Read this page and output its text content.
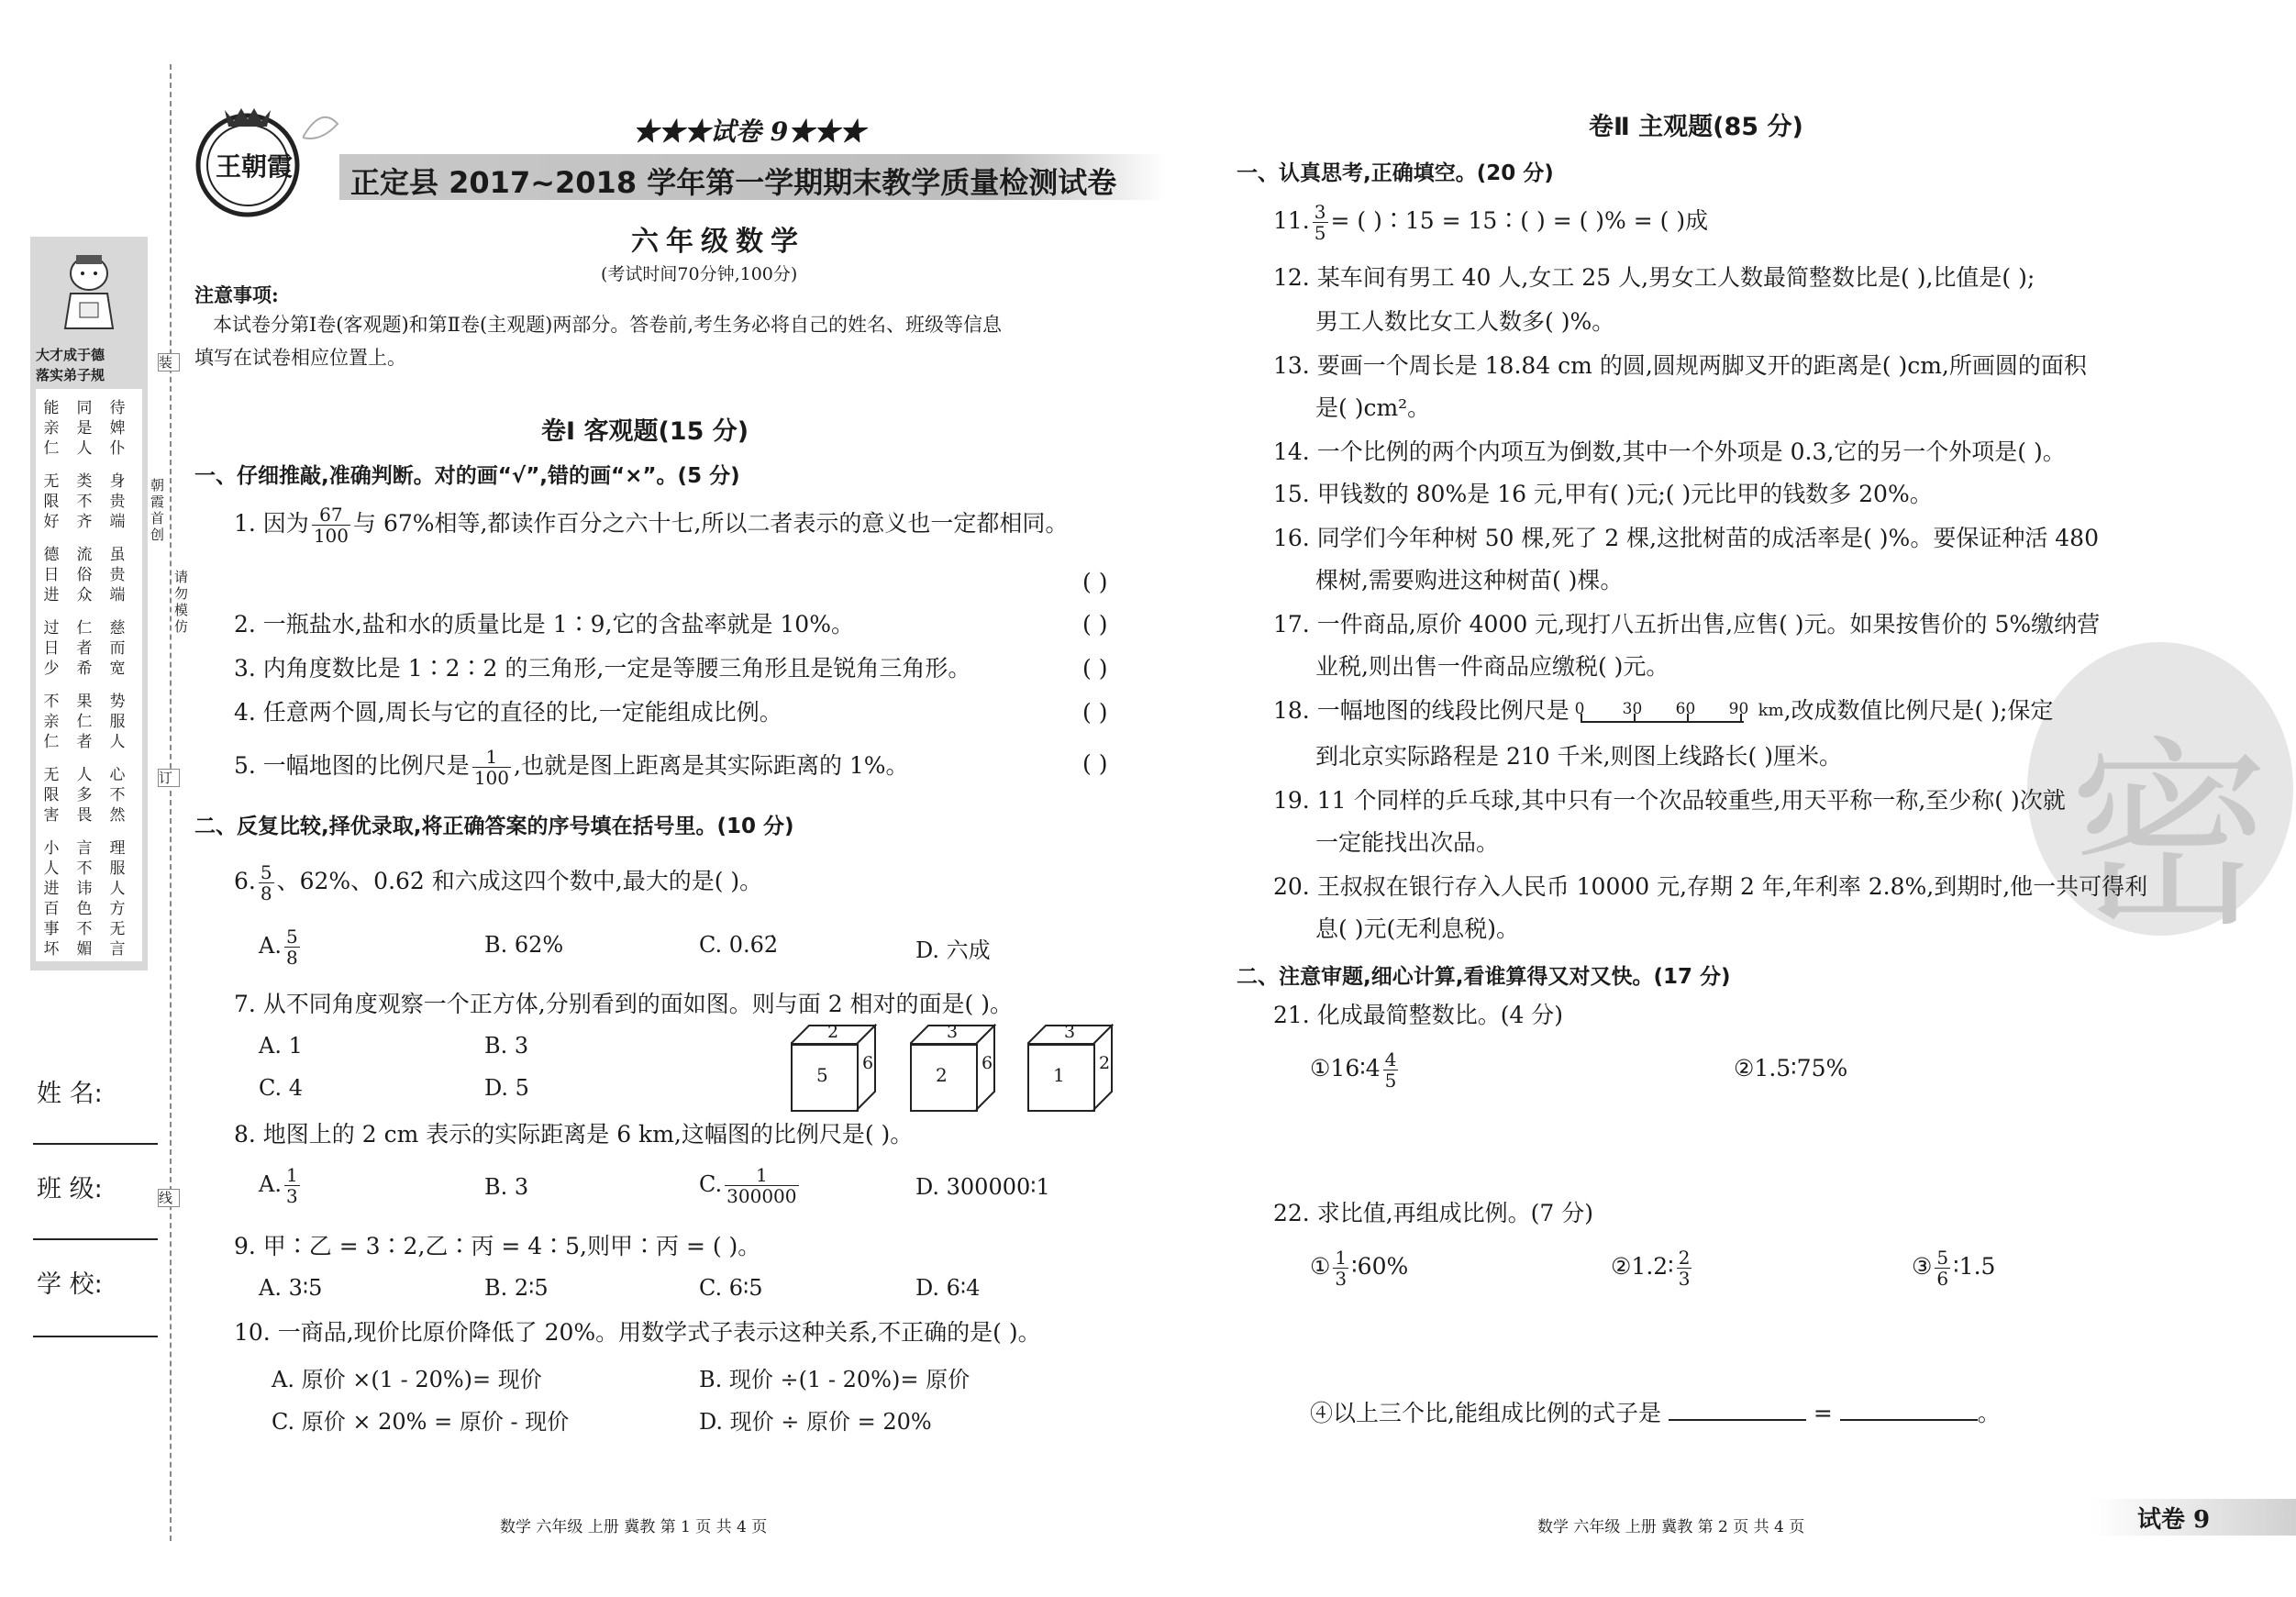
大才成于德
落实弟子规
能亲仁
同是人
待婢仆
无限好
类不齐
身贵端
德日进
流俗众
虽贵端
过日少
仁者希
慈而宽
不亲仁
果仁者
势服人
无限害
人多畏
心不然
小人进
言不讳
理服人
百事坏
色不媚
方无言
装
朝霞首创
请勿模仿
订
线
姓 名:
班 级:
学 校:
王朝霞
★★★试卷 9★★★
正定县 2017~2018 学年第一学期期末教学质量检测试卷
六年级数学
(考试时间70分钟,100分)
注意事项:
本试卷分第Ⅰ卷(客观题)和第Ⅱ卷(主观题)两部分。答卷前,考生务必将自己的姓名、班级等信息
填写在试卷相应位置上。
卷Ⅰ 客观题(15 分)
一、仔细推敲,准确判断。对的画“√”,错的画“×”。(5 分)
1. 因为 $\frac{67}{100}$ 与 67%相等,都读作百分之六十七,所以二者表示的意义也一定都相同。
( )
2. 一瓶盐水,盐和水的质量比是 1∶9,它的含盐率就是 10%。	( )
3. 内角度数比是 1∶2∶2 的三角形,一定是等腰三角形且是锐角三角形。	( )
4. 任意两个圆,周长与它的直径的比,一定能组成比例。	( )
5. 一幅地图的比例尺是 $\frac{1}{100}$ ,也就是图上距离是其实际距离的 1%。	( )
二、反复比较,择优录取,将正确答案的序号填在括号里。(10 分)
6. $\frac{5}{8}$ 、62%、0.62̇ 和六成这四个数中,最大的是( )。
A. $\frac{5}{8}$	B. 62%	C. 0.62̇	D. 六成
7. 从不同角度观察一个正方体,分别看到的面如图。则与面 2 相对的面是( )。
A. 1	B. 3
C. 4	D. 5
2
5
6
3
2
6
3
1
2
8. 地图上的 2 cm 表示的实际距离是 6 km,这幅图的比例尺是( )。
A. $\frac{1}{3}$	B. 3	C. $\frac{1}{300000}$	D. 300000∶1
9. 甲∶乙 = 3∶2,乙∶丙 = 4∶5,则甲∶丙 = ( )。
A. 3∶5	B. 2∶5	C. 6∶5	D. 6∶4
10. 一商品,现价比原价降低了 20%。用数学式子表示这种关系,不正确的是( )。
A. 原价 ×(1 - 20%)= 现价	B. 现价 ÷(1 - 20%)= 原价
C. 原价 × 20% = 原价 - 现价	D. 现价 ÷ 原价 = 20%
数学 六年级 上册 冀教 第 1 页 共 4 页
密
卷Ⅱ 主观题(85 分)
一、认真思考,正确填空。(20 分)
11. $\frac{3}{5}$ = ( )∶15 = 15∶( ) = ( )% = ( )成
12. 某车间有男工 40 人,女工 25 人,男女工人数最简整数比是( ),比值是( );
男工人数比女工人数多( )%。
13. 要画一个周长是 18.84 cm 的圆,圆规两脚叉开的距离是( )cm,所画圆的面积
是( )cm²。
14. 一个比例的两个内项互为倒数,其中一个外项是 0.3,它的另一个外项是( )。
15. 甲钱数的 80%是 16 元,甲有( )元;( )元比甲的钱数多 20%。
16. 同学们今年种树 50 棵,死了 2 棵,这批树苗的成活率是( )%。要保证种活 480
棵树,需要购进这种树苗( )棵。
17. 一件商品,原价 4000 元,现打八五折出售,应售( )元。如果按售价的 5%缴纳营
业税,则出售一件商品应缴税( )元。
18. 一幅地图的线段比例尺是 0 30 60 90 $^{km}$,改成数值比例尺是( );保定
到北京实际路程是 210 千米,则图上线路长( )厘米。
19. 11 个同样的乒乓球,其中只有一个次品较重些,用天平称一称,至少称( )次就
一定能找出次品。
20. 王叔叔在银行存入人民币 10000 元,存期 2 年,年利率 2.8%,到期时,他一共可得利
息( )元(无利息税)。
二、注意审题,细心计算,看谁算得又对又快。(17 分)
21. 化成最简整数比。(4 分)
①16∶4 $\frac{4}{5}$	②1.5∶75%
22. 求比值,再组成比例。(7 分)
① $\frac{1}{3}$ ∶60%	②1.2∶ $\frac{2}{3}$	③ $\frac{5}{6}$ ∶1.5
④以上三个比,能组成比例的式子是	=	。
数学 六年级 上册 冀教 第 2 页 共 4 页	试卷 9
